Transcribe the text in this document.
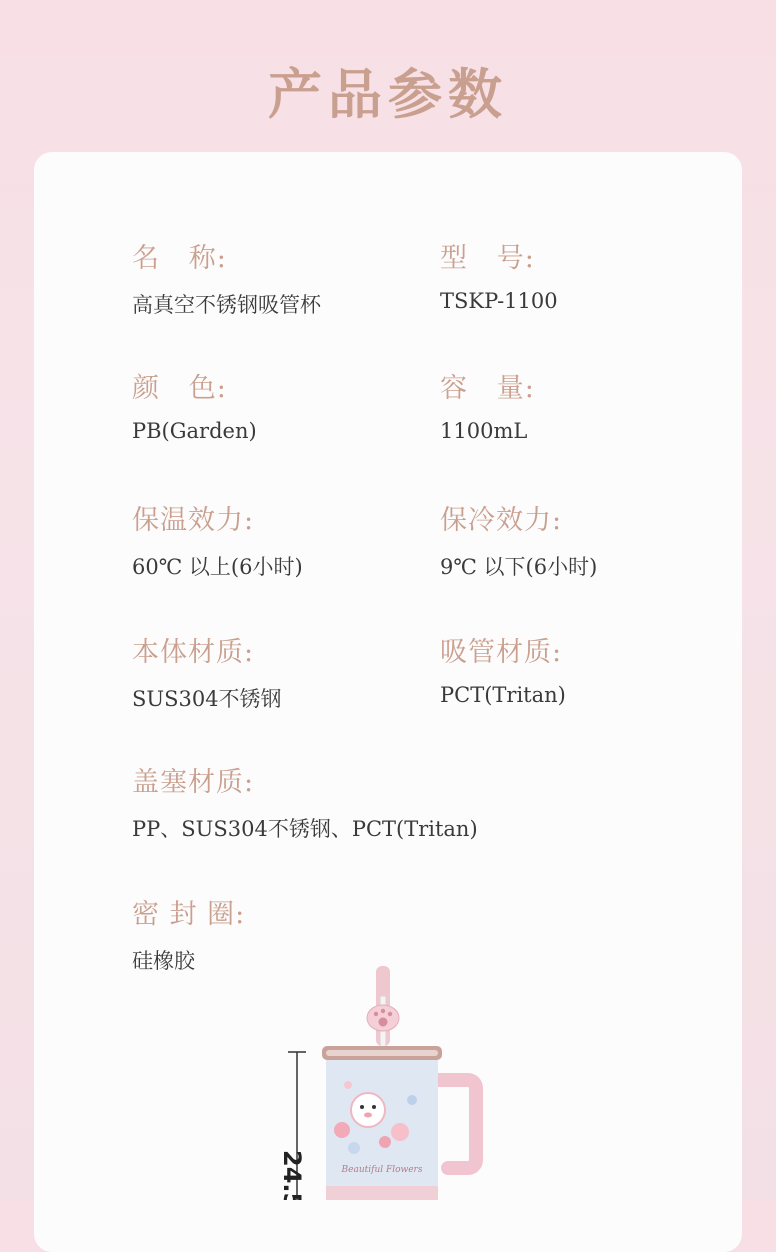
产品参数
名   称:
高真空不锈钢吸管杯
型   号:
TSKP-1100
颜   色:
PB(Garden)
容   量:
1100mL
保温效力:
60℃ 以上(6小时)
保冷效力:
9℃ 以下(6小时)
本体材质:
SUS304不锈钢
吸管材质:
PCT(Tritan)
盖塞材质:
PP、SUS304不锈钢、PCT(Tritan)
密 封 圈:
硅橡胶
24.5	Beautiful Flowers
